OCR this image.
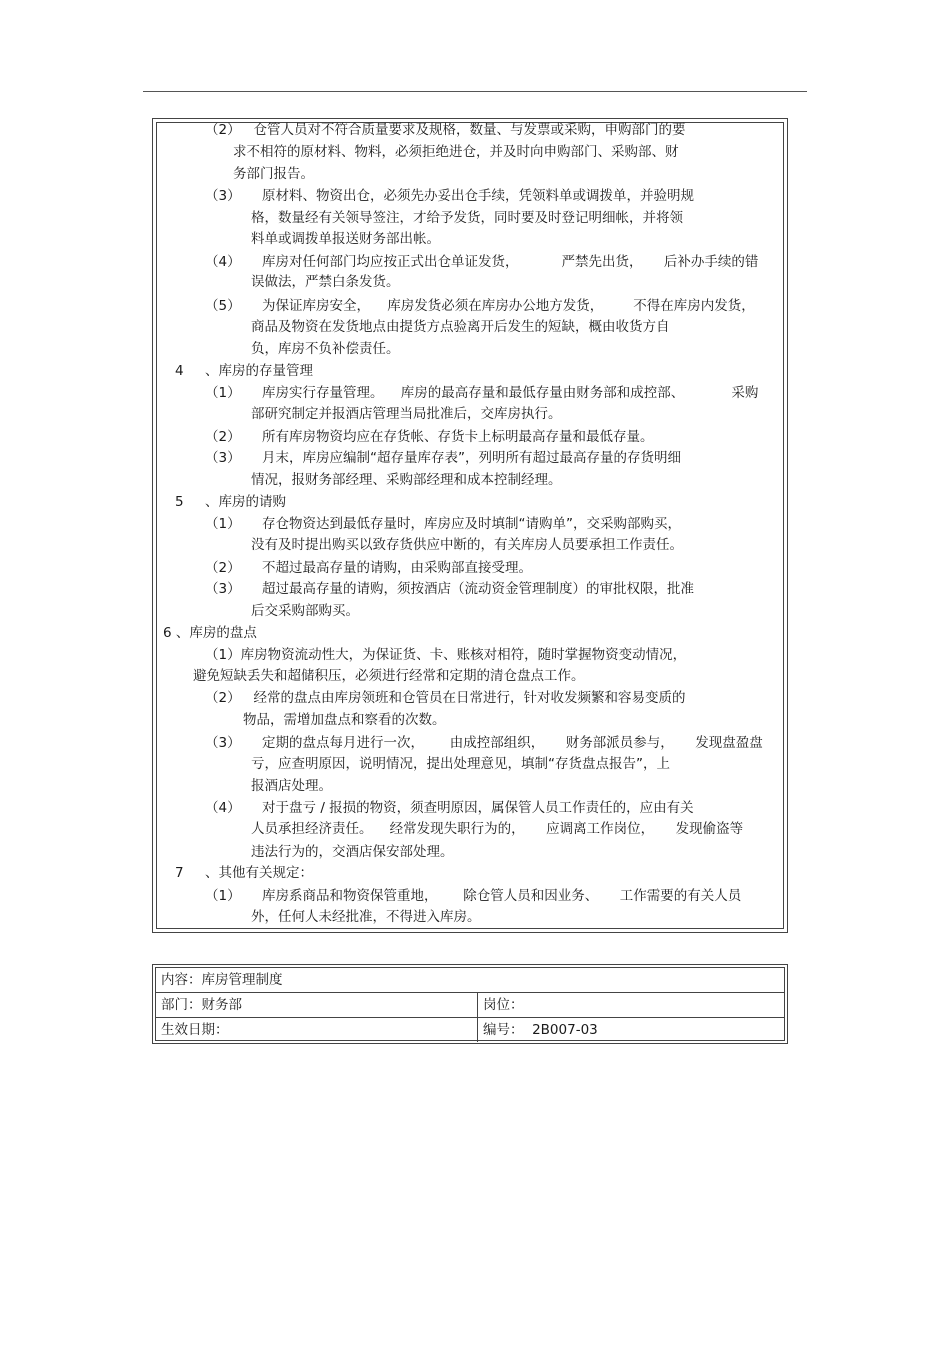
（2）   仓管人员对不符合质量要求及规格，数量、与发票或采购，申购部门的要
求不相符的原材料、物料，必须拒绝进仓，并及时向申购部门、采购部、财
务部门报告。
（3）     原材料、物资出仓，必须先办妥出仓手续，凭领料单或调拨单，并验明规
格，数量经有关领导签注，才给予发货，同时要及时登记明细帐，并将领
料单或调拨单报送财务部出帐。
（4）     库房对任何部门均应按正式出仓单证发货，          严禁先出货，     后补办手续的错
误做法，严禁白条发货。
（5）     为保证库房安全，    库房发货必须在库房办公地方发货，       不得在库房内发货，
商品及物资在发货地点由提货方点验离开后发生的短缺，概由收货方自
负，库房不负补偿责任。
4     、库房的存量管理
（1）     库房实行存量管理。    库房的最高存量和最低存量由财务部和成控部、           采购
部研究制定并报酒店管理当局批准后，交库房执行。
（2）     所有库房物资均应在存货帐、存货卡上标明最高存量和最低存量。
（3）     月末，库房应编制“超存量库存表”，列明所有超过最高存量的存货明细
情况，报财务部经理、采购部经理和成本控制经理。
5     、库房的请购
（1）     存仓物资达到最低存量时，库房应及时填制“请购单”，交采购部购买，
没有及时提出购买以致存货供应中断的，有关库房人员要承担工作责任。
（2）     不超过最高存量的请购，由采购部直接受理。
（3）     超过最高存量的请购，须按酒店（流动资金管理制度）的审批权限，批准
后交采购部购买。
6 、库房的盘点
（1）库房物资流动性大，为保证货、卡、账核对相符，随时掌握物资变动情况，
避免短缺丢失和超储积压，必须进行经常和定期的清仓盘点工作。
（2）   经常的盘点由库房领班和仓管员在日常进行，针对收发频繁和容易变质的
物品，需增加盘点和察看的次数。
（3）     定期的盘点每月进行一次，      由成控部组织，     财务部派员参与，     发现盘盈盘
亏，应查明原因，说明情况，提出处理意见，填制“存货盘点报告”，上
报酒店处理。
（4）     对于盘亏 / 报损的物资，须查明原因，属保管人员工作责任的，应由有关
人员承担经济责任。    经常发现失职行为的，     应调离工作岗位，     发现偷盗等
违法行为的，交酒店保安部处理。
7     、其他有关规定：
（1）     库房系商品和物资保管重地，      除仓管人员和因业务、     工作需要的有关人员
外，任何人未经批准，不得进入库房。
内容：库房管理制度
部门：财务部	岗位：
生效日期：	编号：  2B007-03
